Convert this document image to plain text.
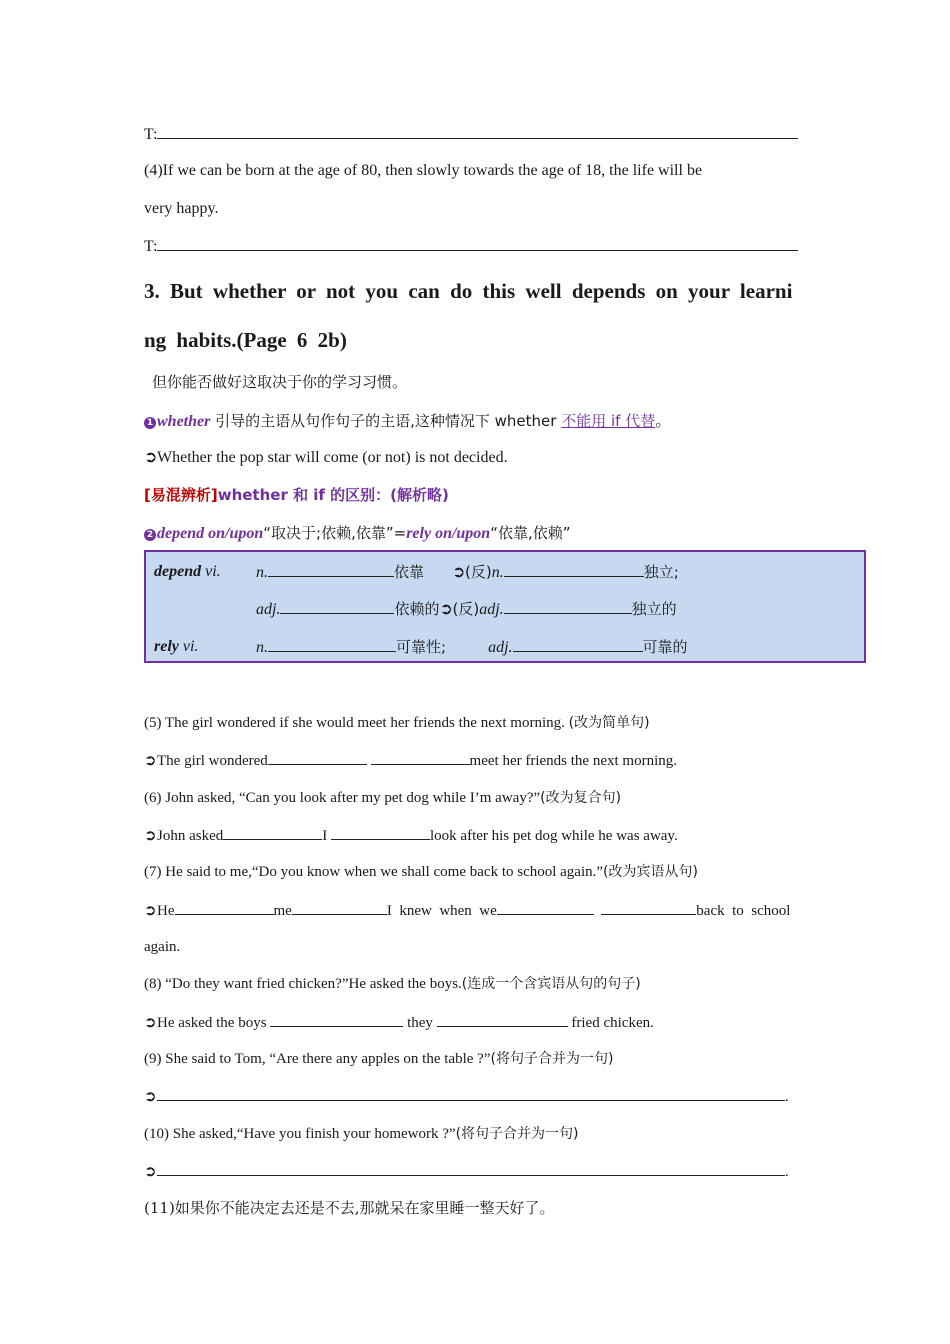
T:
(4)If we can be born at the age of 80, then slowly towards the age of 18, the life will be
very happy.
T:
3. But whether or not you can do this well depends on your learni
ng habits.(Page 6 2b)
但你能否做好这取决于你的学习习惯。
1 whether 引导的主语从句作句子的主语,这种情况下 whether 不能用 if 代替。
➲Whether the pop star will come (or not) is not decided.
[易混辨析]whether 和 if 的区别：(解析略)
2 depend on/upon“取决于;依赖,依靠”=rely on/upon“依靠,依赖”
depend vi. n.	依靠 ➲(反)n.	独立;
adj.	依赖的➲(反)adj.	独立的
rely vi.	n.	可靠性;	adj.	可靠的
(5) The girl wondered if she would meet her friends the next morning. (改为简单句)
➲The girl wondered	meet her friends the next morning.
(6) John asked, “Can you look after my pet dog while I’m away?”(改为复合句)
➲John asked	I	look after his pet dog while he was away.
(7) He said to me,“Do you know when we shall come back to school again.”(改为宾语从句)
➲He	me	I  knew  when  we	back  to  school
again.
(8) “Do they want fried chicken?”He asked the boys.(连成一个含宾语从句的句子)
➲He asked the boys	they	fried chicken.
(9) She said to Tom, “Are there any apples on the table ?”(将句子合并为一句)
➲	.
(10) She asked,“Have you finish your homework ?”(将句子合并为一句)
➲	.
(11)如果你不能决定去还是不去,那就呆在家里睡一整天好了。
